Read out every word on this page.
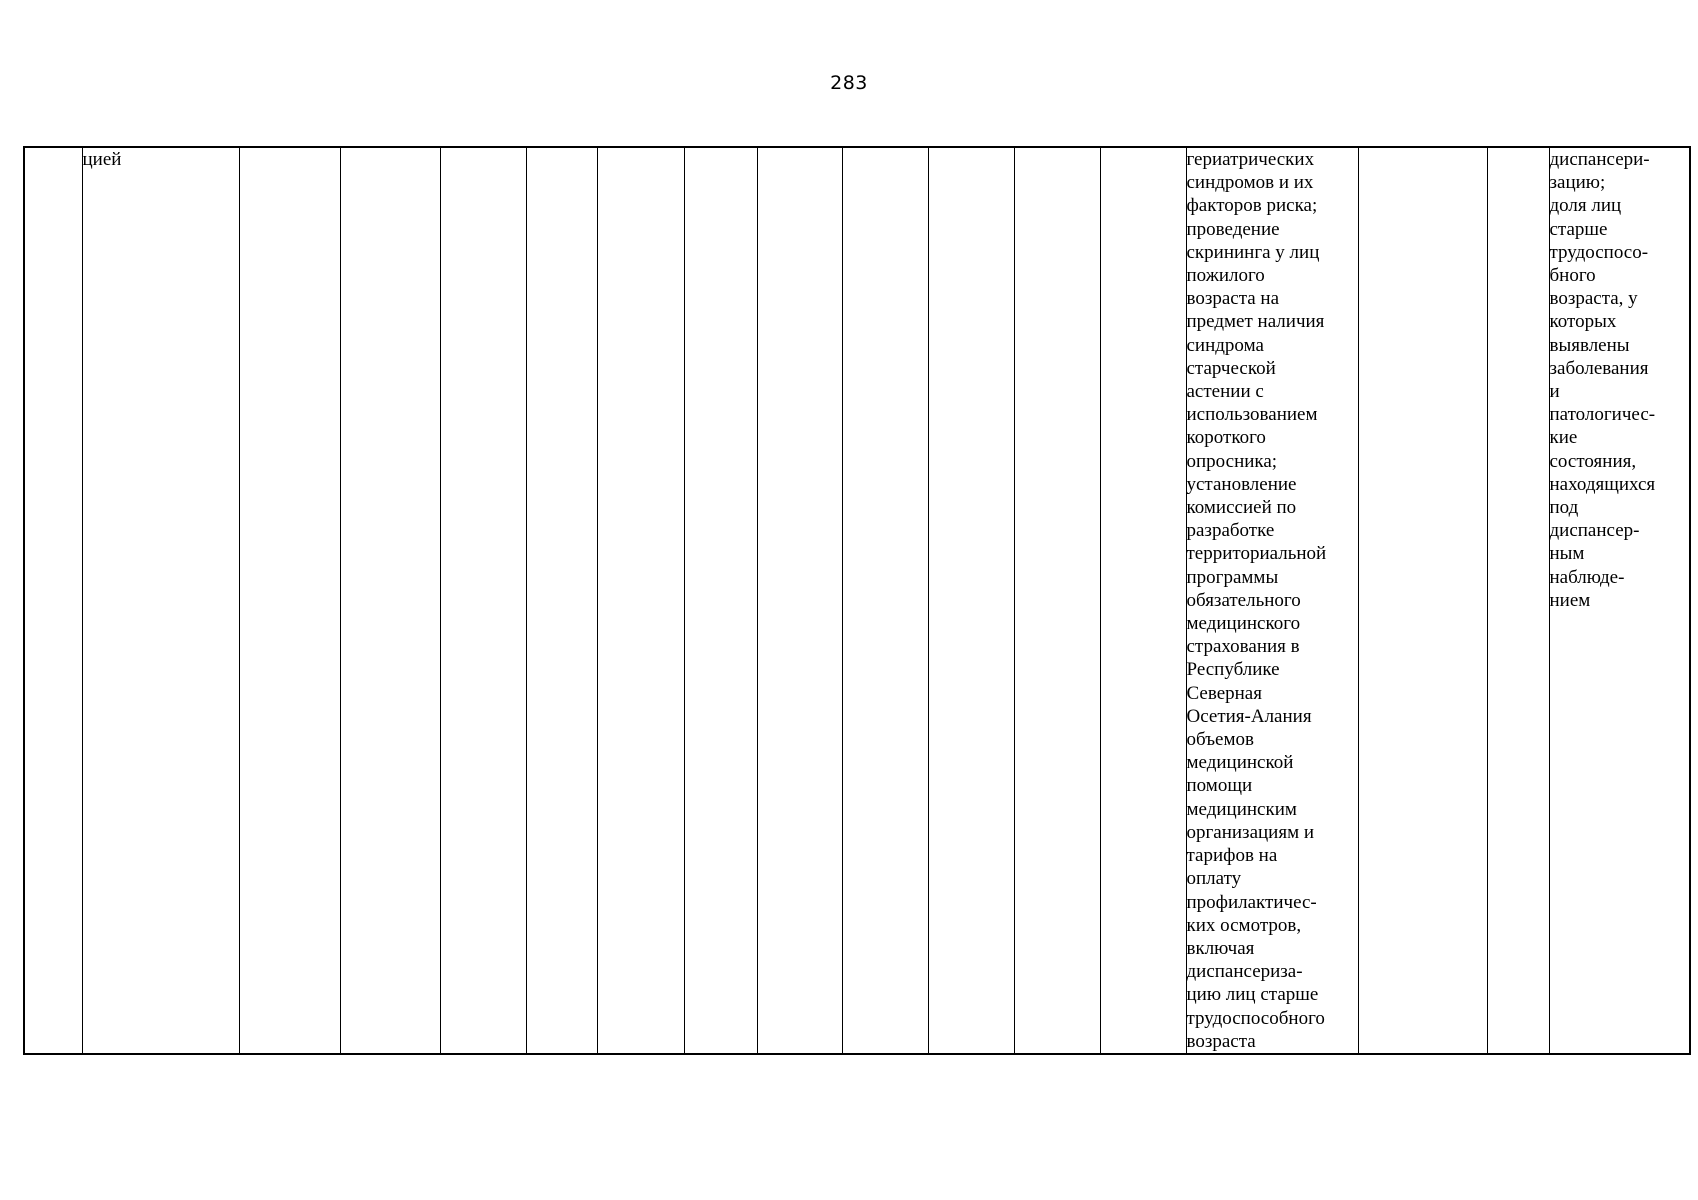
283
	цией												гериатрических
синдромов и их
факторов риска;
проведение
скрининга у лиц
пожилого
возраста на
предмет наличия
синдрома
старческой
астении с
использованием
короткого
опросника;
установление
комиссией по
разработке
территориальной
программы
обязательного
медицинского
страхования в
Республике
Северная
Осетия-Алания
объемов
медицинской
помощи
медицинским
организациям и
тарифов на
оплату
профилактичес-
ких осмотров,
включая
диспансериза-
цию лиц старше
трудоспособного
возраста			диспансери-
зацию;
доля лиц
старше
трудоспосо-
бного
возраста, у
которых
выявлены
заболевания
и
патологичес-
кие
состояния,
находящихся
под
диспансер-
ным
наблюде-
нием
